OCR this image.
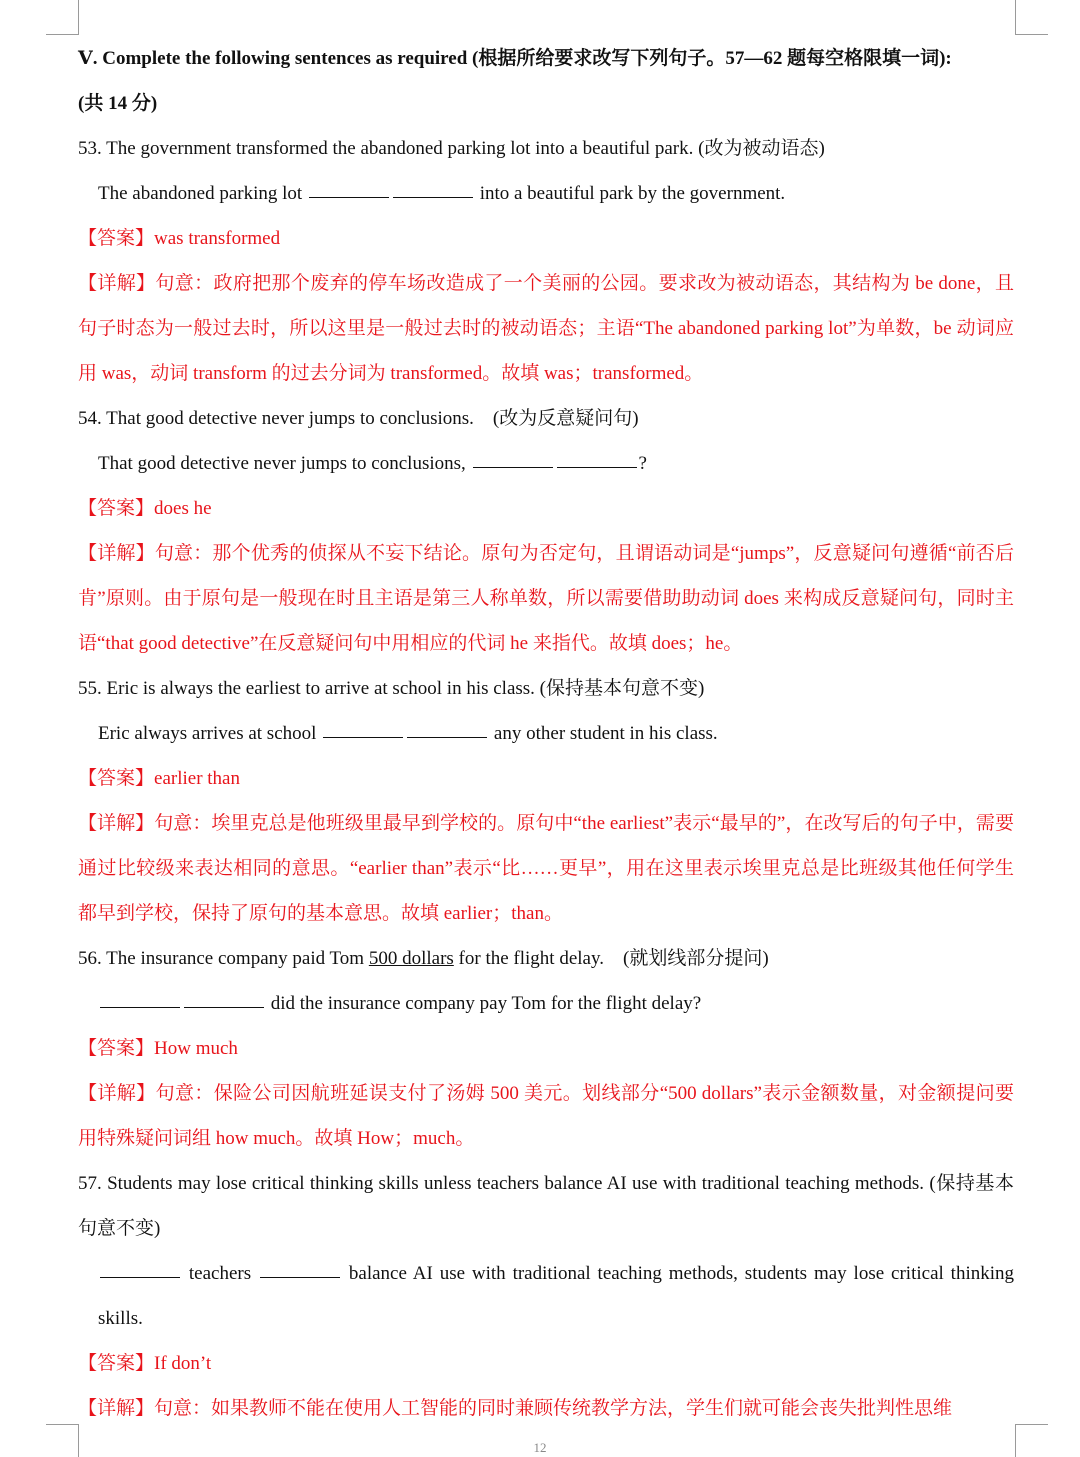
Ⅴ. Complete the following sentences as required (根据所给要求改写下列句子。57—62 题每空格限填一词):
(共 14 分)
53. The government transformed the abandoned parking lot into a beautiful park. (改为被动语态)
The abandoned parking lot	into a beautiful park by the government.
【答案】was transformed
【详解】句意：政府把那个废弃的停车场改造成了一个美丽的公园。要求改为被动语态，其结构为 be done，且句子时态为一般过去时，所以这里是一般过去时的被动语态；主语“The abandoned parking lot”为单数，be 动词应用 was，动词 transform 的过去分词为 transformed。故填 was；transformed。
54. That good detective never jumps to conclusions.　(改为反意疑问句)
That good detective never jumps to conclusions,	?
【答案】does he
【详解】句意：那个优秀的侦探从不妄下结论。原句为否定句，且谓语动词是“jumps”，反意疑问句遵循“前否后肯”原则。由于原句是一般现在时且主语是第三人称单数，所以需要借助助动词 does 来构成反意疑问句，同时主语“that good detective”在反意疑问句中用相应的代词 he 来指代。故填 does；he。
55. Eric is always the earliest to arrive at school in his class. (保持基本句意不变)
Eric always arrives at school	any other student in his class.
【答案】earlier than
【详解】句意：埃里克总是他班级里最早到学校的。原句中“the earliest”表示“最早的”，在改写后的句子中，需要通过比较级来表达相同的意思。“earlier than”表示“比……更早”，用在这里表示埃里克总是比班级其他任何学生都早到学校，保持了原句的基本意思。故填 earlier；than。
56. The insurance company paid Tom 500 dollars for the flight delay.　(就划线部分提问)
did the insurance company pay Tom for the flight delay?
【答案】How much
【详解】句意：保险公司因航班延误支付了汤姆 500 美元。划线部分“500 dollars”表示金额数量，对金额提问要用特殊疑问词组 how much。故填 How；much。
57. Students may lose critical thinking skills unless teachers balance AI use with traditional teaching methods. (保持基本句意不变)
teachers	balance AI use with traditional teaching methods, students may lose critical thinking skills.
【答案】If don’t
【详解】句意：如果教师不能在使用人工智能的同时兼顾传统教学方法，学生们就可能会丧失批判性思维
12
